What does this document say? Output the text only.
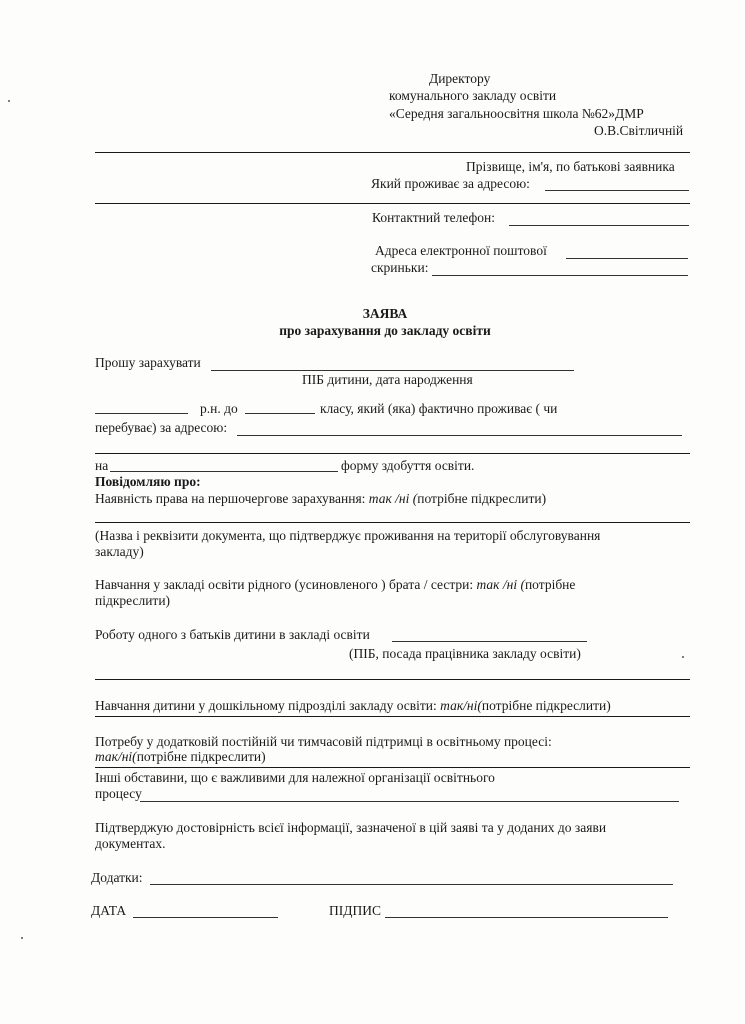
Директору
комунального закладу освіти
«Середня загальноосвітня школа №62»ДМР
О.В.Світличній
Прізвище, ім'я, по батькові заявника
Який проживає за адресою:
Контактний телефон:
Адреса електронної поштової
скриньки:
ЗАЯВА
про зарахування до закладу освіти
Прошу зарахувати
ПІБ дитини, дата народження
р.н. до	класу, який (яка) фактично проживає ( чи
перебуває) за адресою:
на	форму здобуття освіти.
Повідомляю про:
Наявність права на першочергове зарахування: так /ні (потрібне підкреслити)
(Назва і реквізити документа, що підтверджує проживання на території обслуговування
закладу)
Навчання у закладі освіти рідного (усиновленого ) брата / сестри: так /ні (потрібне
підкреслити)
Роботу одного з батьків дитини в закладі освіти
(ПІБ, посада працівника закладу освіти)
Навчання дитини у дошкільному підрозділі закладу освіти: так/ні(потрібне підкреслити)
Потребу у додатковій постійній чи тимчасовій підтримці в освітньому процесі:
так/ні(потрібне підкреслити)
Інші обставини, що є важливими для належної організації освітнього
процесу
Підтверджую достовірність всієї інформації, зазначеної в цій заяві та у доданих до заяви
документах.
Додатки:
ДАТА	ПІДПИС
